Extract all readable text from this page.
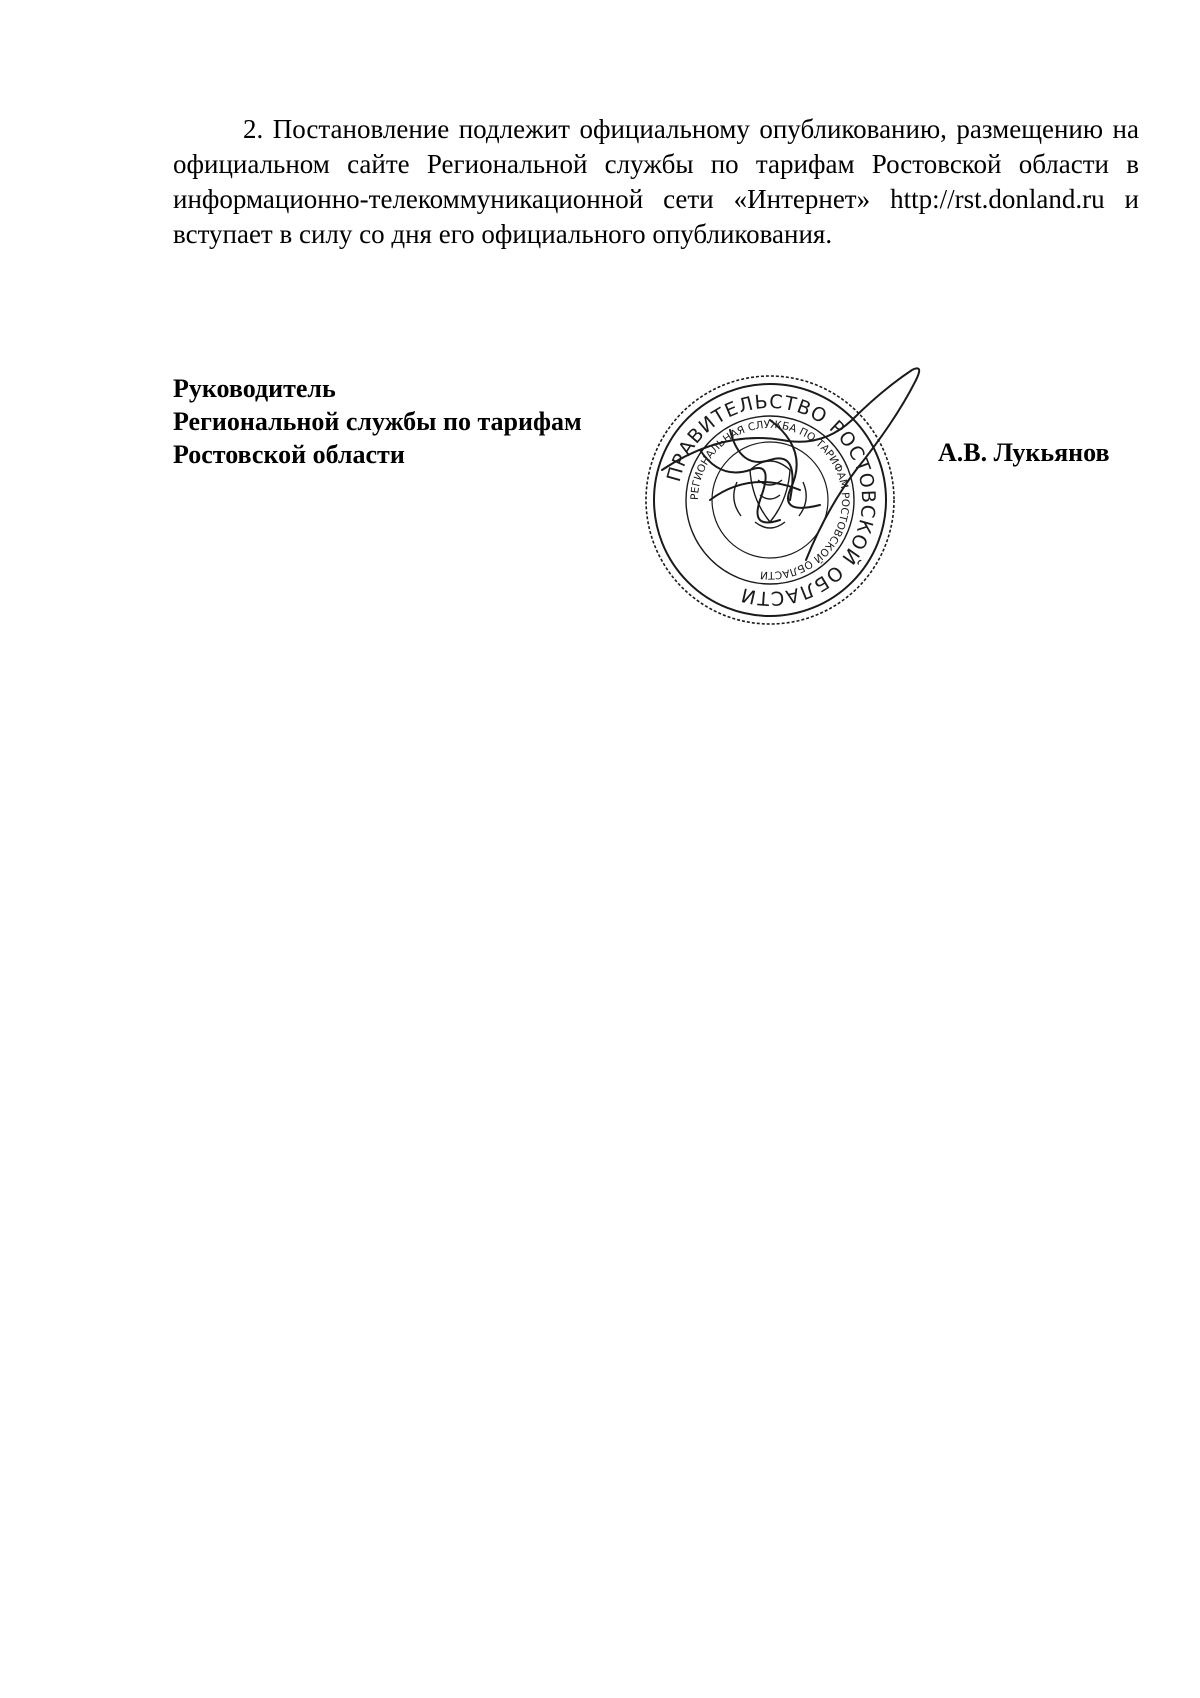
2. Постановление подлежит официальному опубликованию, размещению на официальном сайте Региональной службы по тарифам Ростовской области в информационно-телекоммуникационной сети «Интернет» http://rst.donland.ru и вступает в силу со дня его официального опубликования.

Руководитель
Региональной службы по тарифам
Ростовской области
ПРАВИТЕЛЬСТВО РОСТОВСКОЙ ОБЛАСТИ
РЕГИОНАЛЬНАЯ СЛУЖБА ПО ТАРИФАМ РОСТОВСКОЙ ОБЛАСТИ
А.В. Лукьянов
